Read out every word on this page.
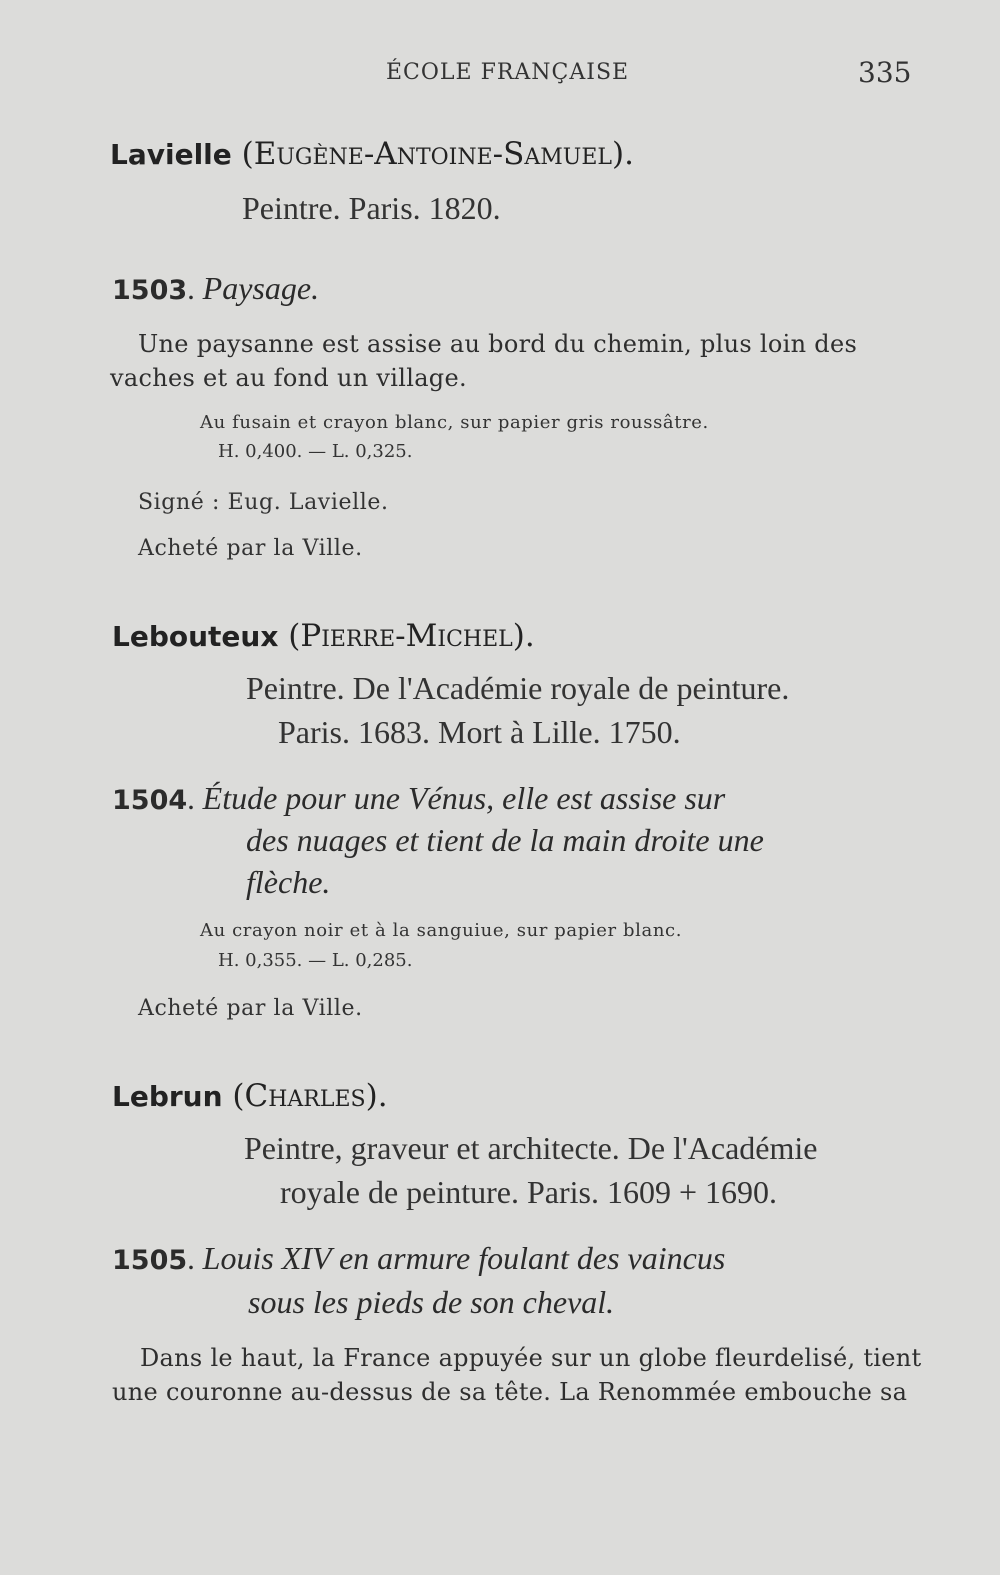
ÉCOLE FRANÇAISE	335
Lavielle (Eugène-Antoine-Samuel).
Peintre. Paris. 1820.
1503. Paysage.
Une paysanne est assise au bord du chemin, plus loin des
vaches et au fond un village.
Au fusain et crayon blanc, sur papier gris roussâtre.
H. 0,400. — L. 0,325.
Signé : Eug. Lavielle.
Acheté par la Ville.
Lebouteux (Pierre-Michel).
Peintre. De l'Académie royale de peinture.
Paris. 1683. Mort à Lille. 1750.
1504. Étude pour une Vénus, elle est assise sur
des nuages et tient de la main droite une
flèche.
Au crayon noir et à la sanguiue, sur papier blanc.
H. 0,355. — L. 0,285.
Acheté par la Ville.
Lebrun (Charles).
Peintre, graveur et architecte. De l'Académie
royale de peinture. Paris. 1609 + 1690.
1505. Louis XIV en armure foulant des vaincus
sous les pieds de son cheval.
Dans le haut, la France appuyée sur un globe fleurdelisé, tient
une couronne au-dessus de sa tête. La Renommée embouche sa
